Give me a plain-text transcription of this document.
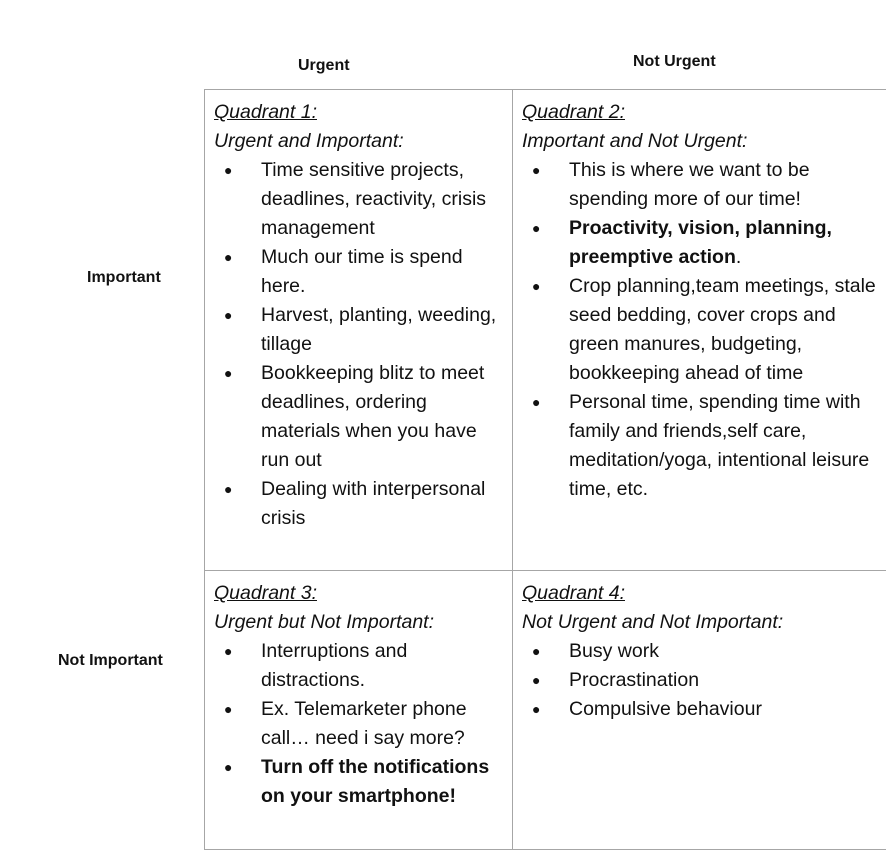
Urgent	Not Urgent
Important
Not Important
Quadrant 1:
Urgent and Important:
● Time sensitive projects, deadlines, reactivity, crisis management
● Much our time is spend here.
● Harvest, planting, weeding, tillage
● Bookkeeping blitz to meet deadlines, ordering materials when you have run out
● Dealing with interpersonal crisis
Quadrant 2:
Important and Not Urgent:
● This is where we want to be spending more of our time!
● Proactivity, vision, planning, preemptive action.
● Crop planning,team meetings, stale seed bedding, cover crops and green manures, budgeting, bookkeeping ahead of time
● Personal time, spending time with family and friends,self care, meditation/yoga, intentional leisure time, etc.
Quadrant 3:
Urgent but Not Important:
● Interruptions and distractions.
● Ex. Telemarketer phone call… need i say more?
● Turn off the notifications on your smartphone!
Quadrant 4:
Not Urgent and Not Important:
● Busy work
● Procrastination
● Compulsive behaviour
